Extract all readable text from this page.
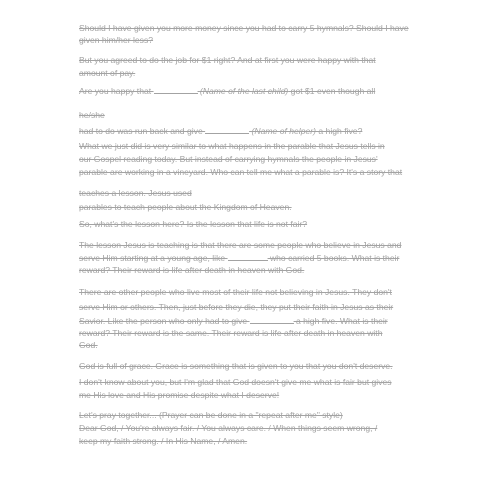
Should I have given you more money since you had to carry 5 hymnals? Should I have
given him/her less?
But you agreed to do the job for $1 right? And at first you were happy with that
amount of pay.
Are you happy that	(Name of the last child) got $1 even though all
he/she
had to do was run back and give	(Name of helper) a high five?
What we just did is very similar to what happens in the parable that Jesus tells in
our Gospel reading today. But instead of carrying hymnals the people in Jesus'
parable are working in a vineyard. Who can tell me what a parable is? It's a story that
teaches a lesson. Jesus used
parables to teach people about the Kingdom of Heaven.
So, what's the lesson here? Is the lesson that life is not fair?
The lesson Jesus is teaching is that there are some people who believe in Jesus and
serve Him starting at a young age, like	who carried 5 books. What is their
reward? Their reward is life after death in heaven with God.
There are other people who live most of their life not believing in Jesus. They don't
serve Him or others. Then, just before they die, they put their faith in Jesus as their
Savior. Like the person who only had to give	a high five. What is their
reward? Their reward is the same. Their reward is life after death in heaven with
God.
God is full of grace. Grace is something that is given to you that you don't deserve.
I don't know about you, but I'm glad that God doesn't give me what is fair but gives
me His love and His promise despite what I deserve!
Let's pray together... (Prayer can be done in a "repeat after me" style)
Dear God, / You're always fair. / You always care. / When things seem wrong, /
keep my faith strong. / In His Name, / Amen.
